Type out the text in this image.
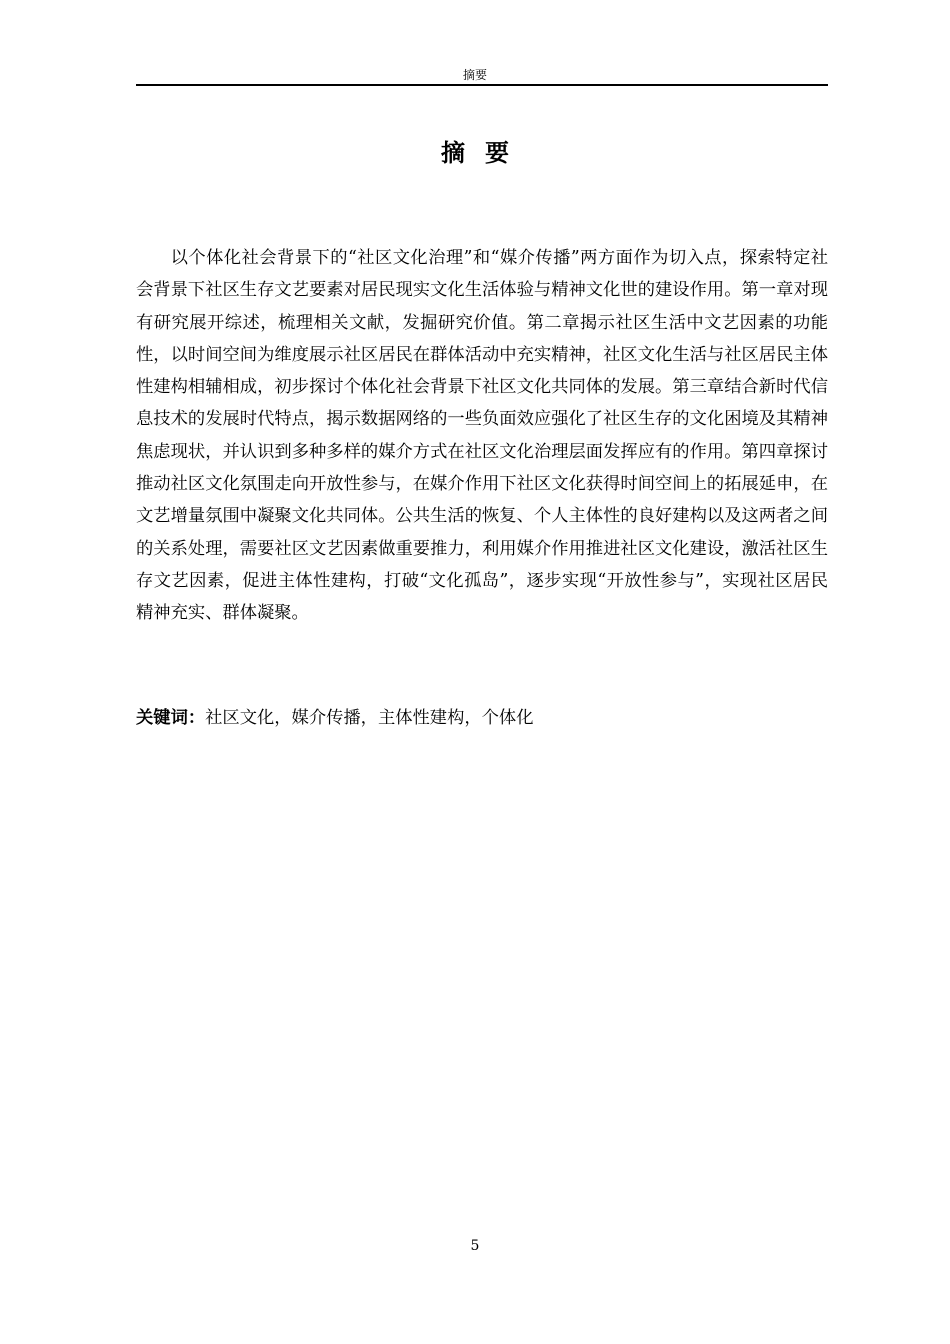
摘要
摘要

以个体化社会背景下的“社区文化治理”和“媒介传播”两方面作为切入点，探索特定社会背景下社区生存文艺要素对居民现实文化生活体验与精神文化世的建设作用。第一章对现有研究展开综述，梳理相关文献，发掘研究价值。第二章揭示社区生活中文艺因素的功能性，以时间空间为维度展示社区居民在群体活动中充实精神，社区文化生活与社区居民主体性建构相辅相成，初步探讨个体化社会背景下社区文化共同体的发展。第三章结合新时代信息技术的发展时代特点，揭示数据网络的一些负面效应强化了社区生存的文化困境及其精神焦虑现状，并认识到多种多样的媒介方式在社区文化治理层面发挥应有的作用。第四章探讨推动社区文化氛围走向开放性参与，在媒介作用下社区文化获得时间空间上的拓展延申，在文艺增量氛围中凝聚文化共同体。公共生活的恢复、个人主体性的良好建构以及这两者之间的关系处理，需要社区文艺因素做重要推力，利用媒介作用推进社区文化建设，激活社区生存文艺因素，促进主体性建构，打破“文化孤岛”，逐步实现“开放性参与”，实现社区居民精神充实、群体凝聚。

关键词：社区文化，媒介传播，主体性建构，个体化

5
